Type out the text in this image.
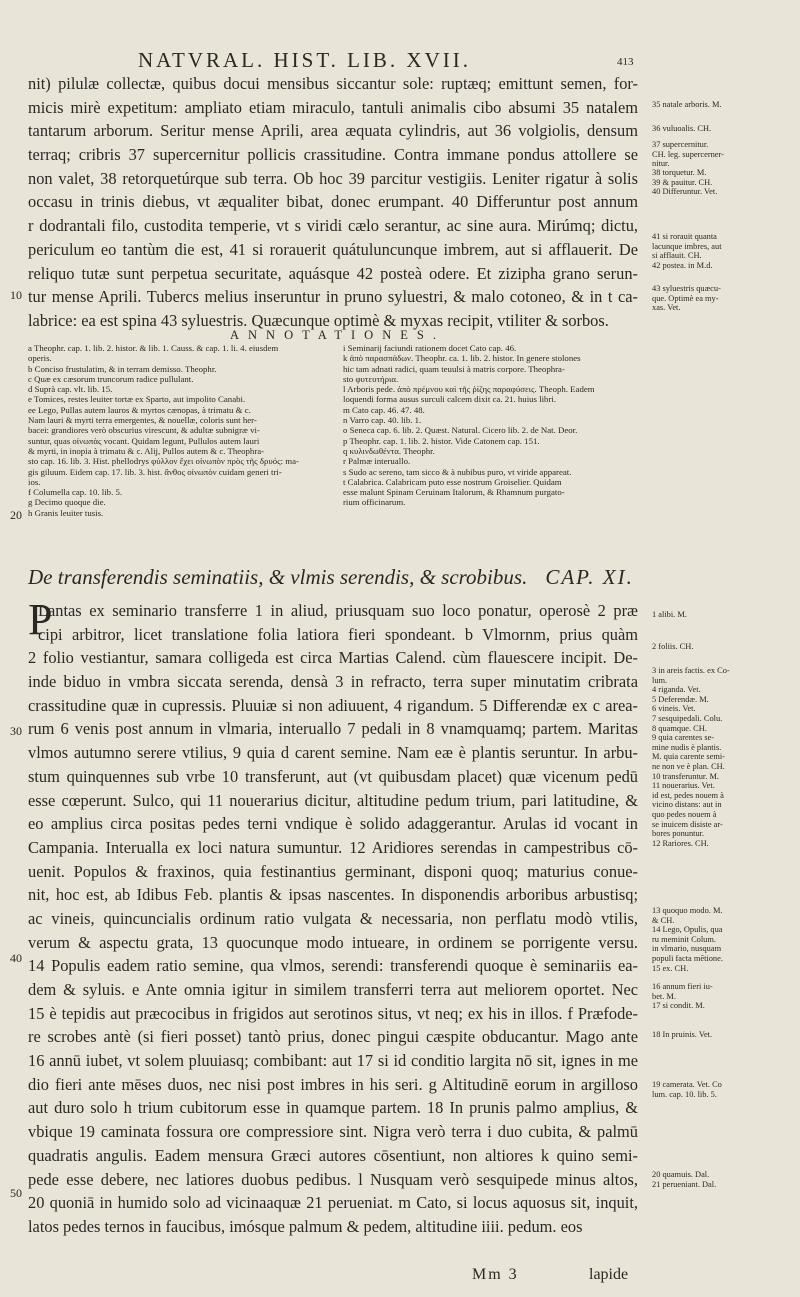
NATVRAL. HIST. LIB. XVII.	413
nit) pilulæ collectæ, quibus docui mensibus siccantur sole: ruptæq; emittunt semen, for-
micis mirè expetitum: ampliato etiam miraculo, tantuli animalis cibo absumi 35 natalem
tantarum arborum. Seritur mense Aprili, area æquata cylindris, aut 36 volgiolis, densum
terraq; cribris 37 supercernitur pollicis crassitudine. Contra immane pondus attollere se
non valet, 38 retorquetúrque sub terra. Ob hoc 39 parcitur vestigiis. Leniter rigatur à solis
occasu in trinis diebus, vt æqualiter bibat, donec erumpant. 40 Differuntur post annum
r dodrantali filo, custodita temperie, vt s viridi cælo serantur, ac sine aura. Mirúmq; dictu,
periculum eo tantùm die est, 41 si rorauerit quátuluncunque imbrem, aut si afflauerit. De
reliquo tutæ sunt perpetua securitate, aquásque 42 posteà odere. Et zizipha grano serun-
tur mense Aprili. Tubercs melius inseruntur in pruno syluestri, & malo cotoneo, & in t ca-
labrice: ea est spina 43 syluestris. Quæcunque optimè & myxas recipit, vtiliter & sorbos.
35 natale arboris. M.
36 vuluoalis. CH.
37 supercernitur.
CH. leg. supercerner-
nitur.
38 torquetur. M.
39 & pauitur. CH.
40 Differuntur. Vet.
41 si rorauit quanta
lacunque imbres, aut
si afflauit. CH.
42 postea. in M.d.
43 syluestris quæcu-
que. Optimè ea my-
xas. Vet.
10
20
30
40
50
ANNOTATIONES.
a Theophr. cap. 1. lib. 2. histor. & lib. 1. Causs. & cap. 1. li. 4. eiusdem
operis.
b Conciso frustulatim, & in terram demisso. Theophr.
c Quæ ex cæsorum truncorum radice pullulant.
d Suprà cap. vlt. lib. 15.
e Tomices, restes leuiter tortæ ex Spartо, aut impolito Canabi.
ee Lego, Pullas autem lauros & myrtos cænopas, à trimatu & c.
Nam lauri & myrti terra emergentes, & nouellæ, coloris sunt her-
bacei: grandiores verò obscurius virescunt, & adultæ subnigræ vi-
suntur, quas οἰνωπὰς vocant. Quidam legunt, Pullulos autem lauri
& myrti, in inopia à trimatu & c. Alij, Pullos autem & c. Theophra-
sto cap. 16. lib. 3. Hist. phellodrys φύλλον ἔχει οἰνωπὸν πρὸς τῆς δρυός: ma-
gis giluum. Eidem cap. 17. lib. 3. hist. ἄνθος οἰνωπὸν cuidam generi tri-
ios.
f Columella cap. 10. lib. 5.
g Decimo quoque die.
h Granis leuiter tusis.
i Seminarij faciundi rationem docet Cato cap. 46.
k ἀπὸ παρασπάδων. Theophr. ca. 1. lib. 2. histor. In genere stolones
hic tam adnati radici, quam teuulsi à matris corpore. Theophra-
sto φυτευτήρια.
l Arboris pede. ἀπὸ πρέμνου καὶ τῆς ῥίζης παραφύσεις. Theoph. Eadem
loquendi forma ausus surculi calcem dixit ca. 21. huius libri.
m Cato cap. 46. 47. 48.
n Varro cap. 40. lib. 1.
o Seneca cap. 6. lib. 2. Quæst. Natural. Cicero lib. 2. de Nat. Deor.
p Theophr. cap. 1. lib. 2. histor. Vide Catonem cap. 151.
q κυλινδωθέντα. Theophr.
r Palmæ interuallo.
s Sudo ac sereno, tam sicco & à nubibus puro, vt viride appareat.
t Calabrica. Calabricam puto esse nostrum Groiselier. Quidam
esse malunt Spinam Ceruinam Italorum, & Rhamnum purgato-
rium officinarum.
De transferendis seminatiis, & vlmis serendis, & scrobibus. CAP. XI.
P
Lantas ex seminario transferre 1 in aliud, priusquam suo loco ponatur, operosè 2 præ
cipi arbitror, licet translatione folia latiora fieri spondeant. b Vlmornm, prius quàm
2 folio vestiantur, samara colligeda est circa Martias Calend. cùm flauescere incipit. De-
inde biduo in vmbra siccata serenda, densà 3 in refractо, terra super minutatim cribrata
crassitudine quæ in cupressis. Pluuiæ si non adiuuent, 4 rigandum. 5 Differendæ ex c area-
rum 6 venis post annum in vlmaria, interuallo 7 pedali in 8 vnamquamq; partem. Maritas
vlmos autumno serere vtilius, 9 quia d carent semine. Nam eæ è plantis seruntur. In arbu-
stum quinquennes sub vrbe 10 transferunt, aut (vt quibusdam placet) quæ vicenum pedū
esse cœperunt. Sulco, qui 11 nouerarius dicitur, altitudine pedum trium, pari latitudine, &
eo amplius circa positas pedes terni vndique è solido adaggerantur. Arulas id vocant in
Campania. Interualla ex loci natura sumuntur. 12 Aridiores serendas in campestribus cō-
uenit. Populos & fraxinos, quia festinantius germinant, disponi quoq; maturius conue-
nit, hoc est, ab Idibus Feb. plantis & ipsas nascentes. In disponendis arboribus arbustisq;
ac vineis, quincuncialis ordinum ratio vulgata & necessaria, non perflatu modò vtilis,
verum & aspectu grata, 13 quocunque modo intueare, in ordinem se porrigente versu.
14 Populis eadem ratio semine, qua vlmos, serendi: transferendi quoque è seminariis ea-
dem & syluis. e Ante omnia igitur in similem transferri terra aut meliorem oportet. Nec
15 è tepidis aut præcocibus in frigidos aut serotinos situs, vt neq; ex his in illos. f Præfode-
re scrobes antè (si fieri posset) tantò prius, donec pingui cæspite obducantur. Mago ante
16 annū iubet, vt solem pluuiasq; combibant: aut 17 si id conditio largita nō sit, ignes in me
dio fieri ante mēses duos, nec nisi post imbres in his seri. g Altitudinē eorum in argilloso
aut duro solo h trium cubitorum esse in quamque partem. 18 In prunis palmo amplius, &
vbique 19 caminata fossura ore compressiore sint. Nigra verò terra i duo cubita, & palmū
quadratis angulis. Eadem mensura Græci autores cōsentiunt, non altiores k quino semi-
pede esse debere, nec latiores duobus pedibus. l Nusquam verò sesquipede minus altos,
20 quoniā in humido solo ad vicinaaquæ 21 perueniat. m Cato, si locus aquosus sit, inquit,
latos pedes ternos in faucibus, imósque palmum & pedem, altitudine iiii. pedum. eos
1 alibi. M.
2 foliis. CH.
3 in areis factis. ex Co-
lum.
4 riganda. Vet.
5 Deferendæ. M.
6 vineis. Vet.
7 sesquipedali. Colu.
8 quamque. CH.
9 quia carentes se-
mine nudis è plantis.
M. quia carente semi-
ne non ve è plan. CH.
10 transferuntur. M.
11 nouerarius. Vet.
id est, pedes nouem à
vicino distans: aut in
quo pedes nouem à
se inuicem disiste ar-
bores ponuntur.
12 Rariores. CH.
13 quoquo modo. M.
& CH.
14 Lego, Opulis, qua
ru meminit Colum.
in vlmario, nusquam
populi facta mētione.
15 ex. CH.
16 annum fieri iu-
bet. M.
17 si condit. M.
18 In pruinis. Vet.
19 camerata. Vet. Co
lum. cap. 10. lib. 5.
20 quamuis. Dal.
21 perueniant. Dal.
Mm 3	lapide
